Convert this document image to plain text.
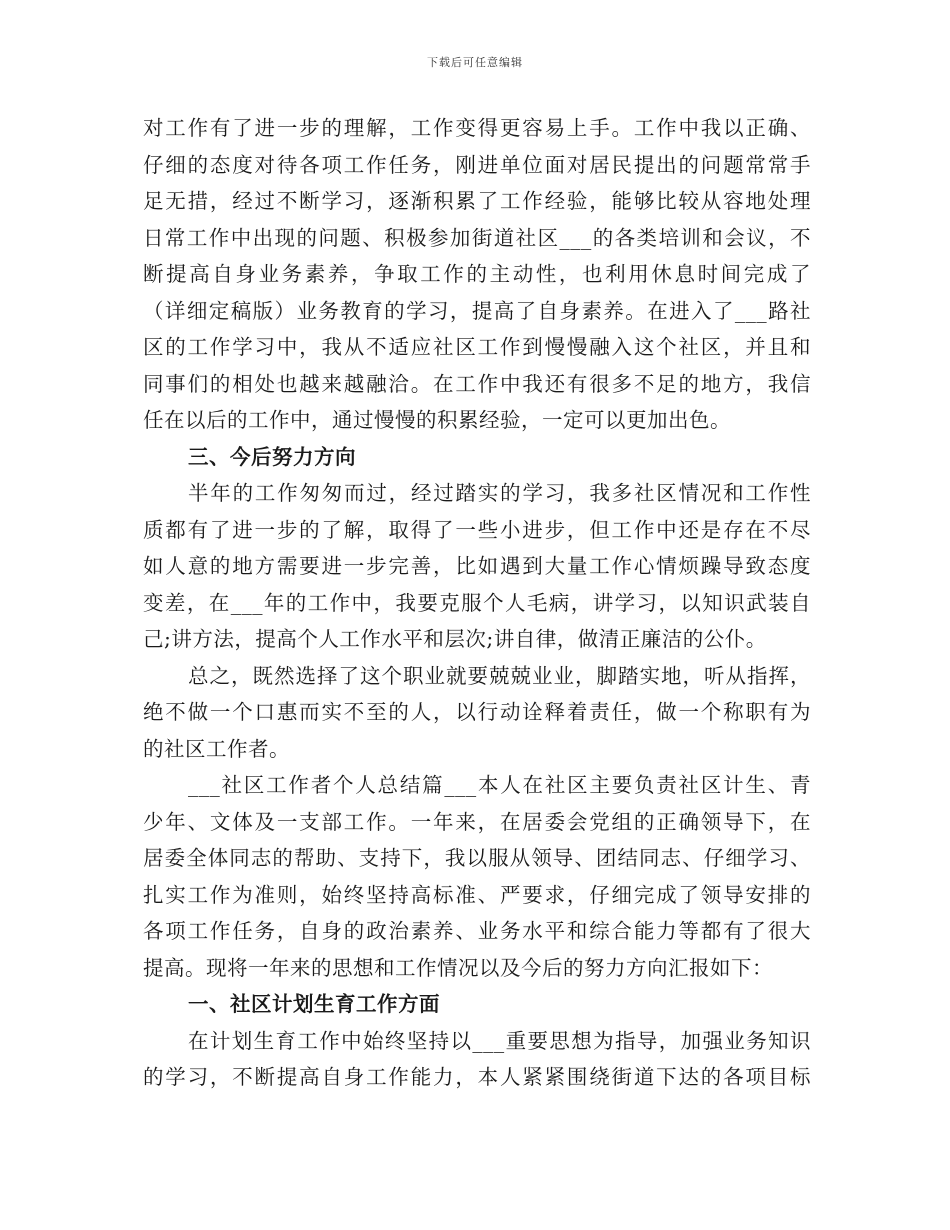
下载后可任意编辑
对工作有了进一步的理解，工作变得更容易上手。工作中我以正确、
仔细的态度对待各项工作任务，刚进单位面对居民提出的问题常常手
足无措，经过不断学习，逐渐积累了工作经验，能够比较从容地处理
日常工作中出现的问题、积极参加街道社区___的各类培训和会议，不
断提高自身业务素养，争取工作的主动性，也利用休息时间完成了
（详细定稿版）业务教育的学习，提高了自身素养。在进入了___路社
区的工作学习中，我从不适应社区工作到慢慢融入这个社区，并且和
同事们的相处也越来越融洽。在工作中我还有很多不足的地方，我信
任在以后的工作中，通过慢慢的积累经验，一定可以更加出色。
三、今后努力方向
半年的工作匆匆而过，经过踏实的学习，我多社区情况和工作性
质都有了进一步的了解，取得了一些小进步，但工作中还是存在不尽
如人意的地方需要进一步完善，比如遇到大量工作心情烦躁导致态度
变差，在___年的工作中，我要克服个人毛病，讲学习，以知识武装自
己;讲方法，提高个人工作水平和层次;讲自律，做清正廉洁的公仆。
总之，既然选择了这个职业就要兢兢业业，脚踏实地，听从指挥，
绝不做一个口惠而实不至的人，以行动诠释着责任，做一个称职有为
的社区工作者。
___社区工作者个人总结篇___本人在社区主要负责社区计生、青
少年、文体及一支部工作。一年来，在居委会党组的正确领导下，在
居委全体同志的帮助、支持下，我以服从领导、团结同志、仔细学习、
扎实工作为准则，始终坚持高标准、严要求，仔细完成了领导安排的
各项工作任务，自身的政治素养、业务水平和综合能力等都有了很大
提高。现将一年来的思想和工作情况以及今后的努力方向汇报如下：
一、社区计划生育工作方面
在计划生育工作中始终坚持以___重要思想为指导，加强业务知识
的学习，不断提高自身工作能力，本人紧紧围绕街道下达的各项目标
